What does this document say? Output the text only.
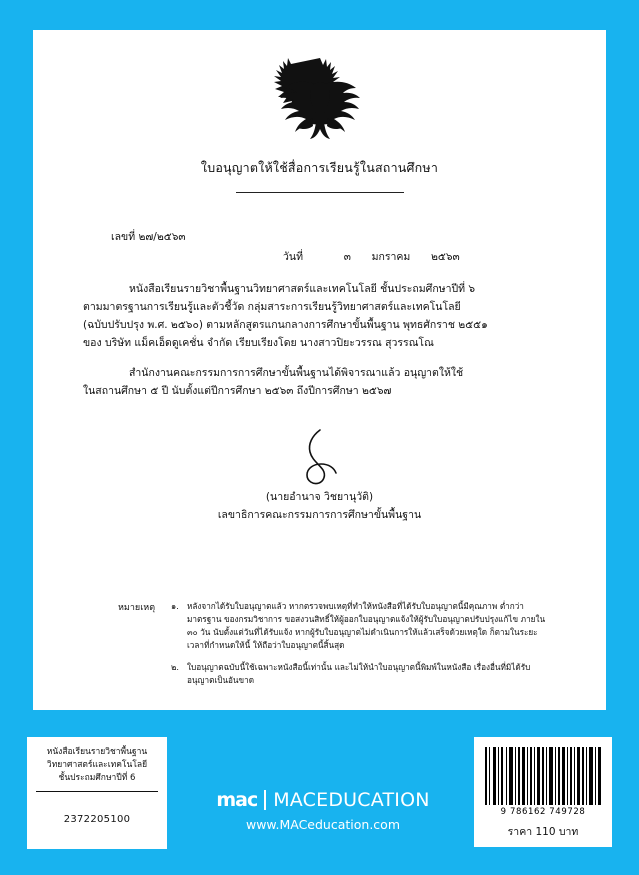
ใบอนุญาตให้ใช้สื่อการเรียนรู้ในสถานศึกษา
เลขที่ ๒๗/๒๕๖๓
วันที่	๓ มกราคม ๒๕๖๓

หนังสือเรียนรายวิชาพื้นฐานวิทยาศาสตร์และเทคโนโลยี ชั้นประถมศึกษาปีที่ ๖

ตามมาตรฐานการเรียนรู้และตัวชี้วัด กลุ่มสาระการเรียนรู้วิทยาศาสตร์และเทคโนโลยี

(ฉบับปรับปรุง พ.ศ. ๒๕๖๐) ตามหลักสูตรแกนกลางการศึกษาขั้นพื้นฐาน พุทธศักราช ๒๕๕๑

ของ บริษัท แม็คเอ็ดดูเคชั่น จำกัด เรียบเรียงโดย นางสาวปิยะวรรณ สุวรรณโณ

สำนักงานคณะกรรมการการศึกษาขั้นพื้นฐานได้พิจารณาแล้ว อนุญาตให้ใช้

ในสถานศึกษา ๕ ปี นับตั้งแต่ปีการศึกษา ๒๕๖๓ ถึงปีการศึกษา ๒๕๖๗

(นายอำนาจ วิชยานุวัติ)
เลขาธิการคณะกรรมการการศึกษาขั้นพื้นฐาน
หมายเหตุ ๑. หลังจากได้รับใบอนุญาตแล้ว หากตรวจพบเหตุที่ทำให้หนังสือที่ได้รับใบอนุญาตนี้มีคุณภาพ ต่ำกว่ามาตรฐาน ของกรมวิชาการ ขอสงวนสิทธิ์ให้ผู้ออกใบอนุญาตแจ้งให้ผู้รับใบอนุญาตปรับปรุงแก้ไข ภายใน ๓๐ วัน นับตั้งแต่วันที่ได้รับแจ้ง หากผู้รับใบอนุญาตไม่ดำเนินการให้แล้วเสร็จด้วยเหตุใด ก็ตามในระยะเวลาที่กำหนดให้นี้ ให้ถือว่าใบอนุญาตนี้สิ้นสุด
๒. ใบอนุญาตฉบับนี้ใช้เฉพาะหนังสือนี้เท่านั้น และไม่ให้นำใบอนุญาตนี้พิมพ์ในหนังสือ เรื่องอื่นที่มิได้รับอนุญาตเป็นอันขาด
หนังสือเรียนรายวิชาพื้นฐาน
วิทยาศาสตร์และเทคโนโลยี
ชั้นประถมศึกษาปีที่ 6
2372205100
9 786162 749728
ราคา 110 บาท
mac MACEDUCATION
www.MACeducation.com
